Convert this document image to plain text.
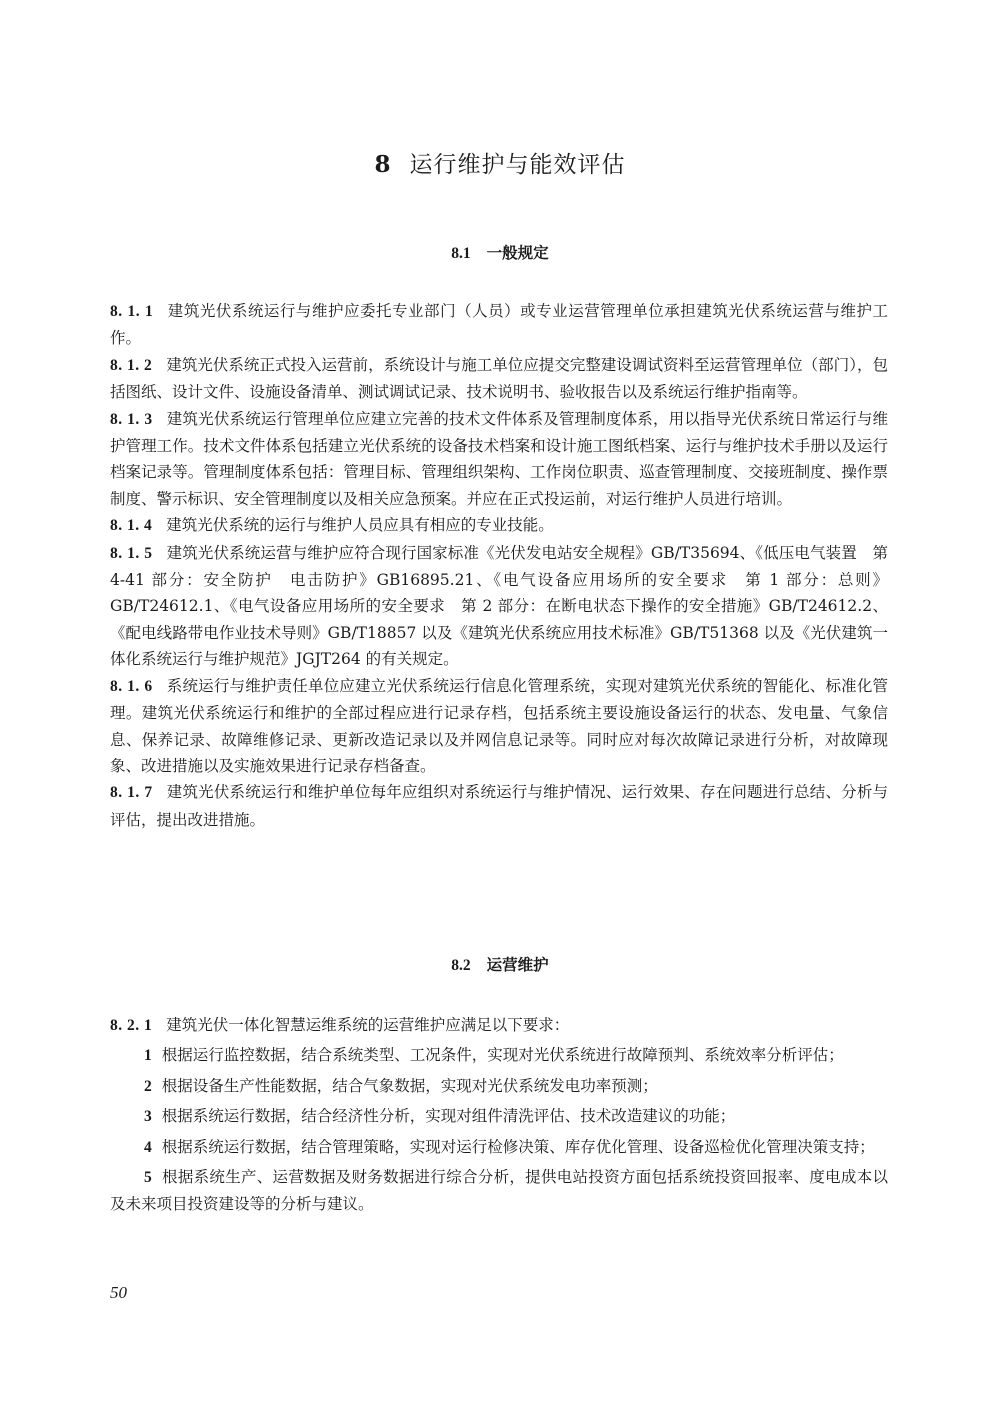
8 运行维护与能效评估
8.1 一般规定

8. 1. 1 建筑光伏系统运行与维护应委托专业部门（人员）或专业运营管理单位承担建筑光伏系统运营与维护工作。

8. 1. 2 建筑光伏系统正式投入运营前，系统设计与施工单位应提交完整建设调试资料至运营管理单位（部门），包括图纸、设计文件、设施设备清单、测试调试记录、技术说明书、验收报告以及系统运行维护指南等。

8. 1. 3 建筑光伏系统运行管理单位应建立完善的技术文件体系及管理制度体系，用以指导光伏系统日常运行与维护管理工作。技术文件体系包括建立光伏系统的设备技术档案和设计施工图纸档案、运行与维护技术手册以及运行档案记录等。管理制度体系包括：管理目标、管理组织架构、工作岗位职责、巡查管理制度、交接班制度、操作票制度、警示标识、安全管理制度以及相关应急预案。并应在正式投运前，对运行维护人员进行培训。

8. 1. 4 建筑光伏系统的运行与维护人员应具有相应的专业技能。

8. 1. 5 建筑光伏系统运营与维护应符合现行国家标准《光伏发电站安全规程》GB/T35694、《低压电气装置　第 4-41 部分：安全防护　电击防护》GB16895.21、《电气设备应用场所的安全要求　第 1 部分：总则》GB/T24612.1、《电气设备应用场所的安全要求　第 2 部分：在断电状态下操作的安全措施》GB/T24612.2、《配电线路带电作业技术导则》GB/T18857 以及《建筑光伏系统应用技术标准》GB/T51368 以及《光伏建筑一体化系统运行与维护规范》JGJT264 的有关规定。

8. 1. 6 系统运行与维护责任单位应建立光伏系统运行信息化管理系统，实现对建筑光伏系统的智能化、标准化管理。建筑光伏系统运行和维护的全部过程应进行记录存档，包括系统主要设施设备运行的状态、发电量、气象信息、保养记录、故障维修记录、更新改造记录以及并网信息记录等。同时应对每次故障记录进行分析，对故障现象、改进措施以及实施效果进行记录存档备查。

8. 1. 7 建筑光伏系统运行和维护单位每年应组织对系统运行与维护情况、运行效果、存在问题进行总结、分析与评估，提出改进措施。

8.2 运营维护

8. 2. 1 建筑光伏一体化智慧运维系统的运营维护应满足以下要求：

1 根据运行监控数据，结合系统类型、工况条件，实现对光伏系统进行故障预判、系统效率分析评估；

2 根据设备生产性能数据，结合气象数据，实现对光伏系统发电功率预测；

3 根据系统运行数据，结合经济性分析，实现对组件清洗评估、技术改造建议的功能；

4 根据系统运行数据，结合管理策略，实现对运行检修决策、库存优化管理、设备巡检优化管理决策支持；

5 根据系统生产、运营数据及财务数据进行综合分析，提供电站投资方面包括系统投资回报率、度电成本以及未来项目投资建设等的分析与建议。

50
